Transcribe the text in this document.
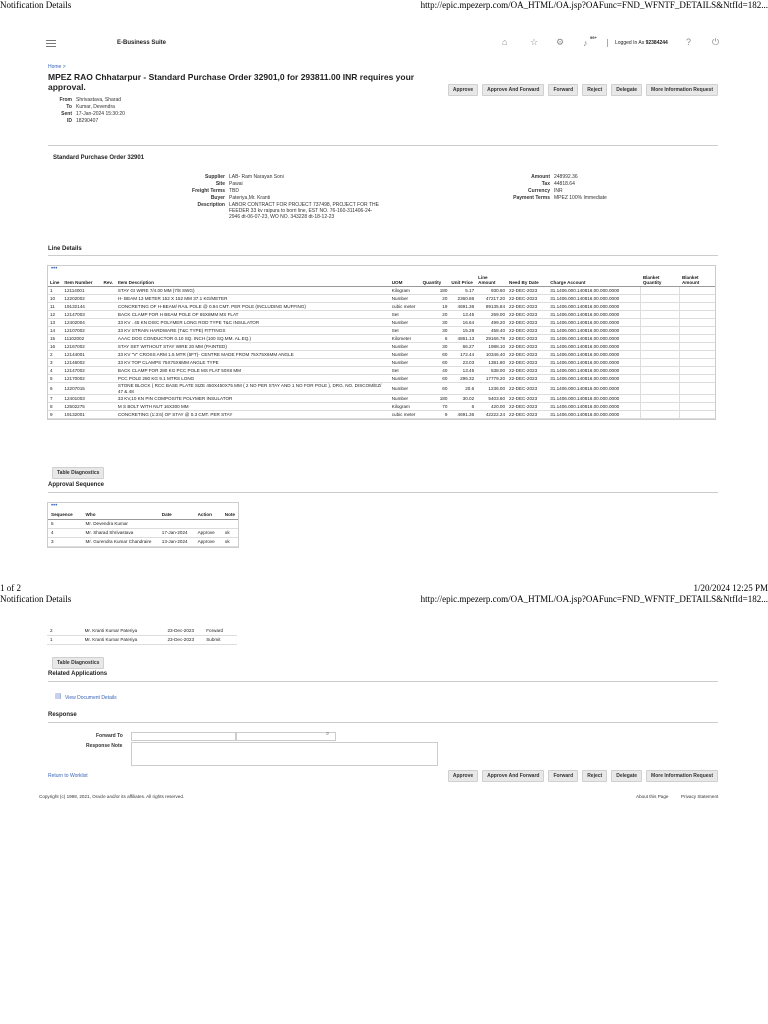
Notification Details	http://epic.mpezerp.com/OA_HTML/OA.jsp?OAFunc=FND_WFNTF_DETAILS&NtfId=182...
E-Business Suite	⌂	☆ ⚙ ♪
99+
Logged In As 92384244 ? ⏻
Home >
MPEZ RAO Chhatarpur - Standard Purchase Order 32901,0 for 293811.00 INR requires your approval.	Approve	Approve And Forward	Forward	Reject	Delegate	More Information Request
From Shrivastava, Sharad
To Kumar, Devendra
Sent 17-Jan-2024 15:30:20
ID 18290407
Standard Purchase Order 32901
Supplier LAB- Ram Narayan Soni
Site Pawai
Freight Terms TBD
Buyer Pateriya,Mr. Kranti
Description LABOR CONTRACT FOR PROJECT 737498, PROJECT FOR THE FEEDER 33 kv raipura to borri line, EST NO. 76-160-311406-24-2946 dt-06-07-23, WO NO. 343228 dt-18-12-23
Amount 248992.36
Tax 44818.64
Currency INR
Payment Terms MPEZ 100% Immediate
Line Details
•••
Line	Item Number	Rev.	Item Description	UOM	Quantity	Unit Price	Line Amount	Need By Date	Charge Account	Blanket Quantity	Blanket Amount
1	12114001		STAY GI WIRE 7/4.00 MM (7/8 SWG)	Kilogram	180	5.17	930.60	22-DEC-2023	31.1406.000.140816.00.000.0000		
10	12202002		H- BEAM 13 METER 152 X 152 MM 37.1 KG/METER	Number	20	2360.86	47217.20	22-DEC-2023	31.1406.000.140816.00.000.0000		
11	19132144		CONCRETING OF H-BEAM/ RAIL POLE @ 0.94 CMT. PER POLE (INCLUDING MUFFING)	cubic meter	19	4691.36	89135.84	22-DEC-2023	31.1406.000.140816.00.000.0000		
12	12147003		BACK CLAMP FOR H BEAM POLE OF 65X8MM MS FLAT	Set	20	13.45	269.00	22-DEC-2023	31.1406.000.140816.00.000.0000		
13	12402004		33 KV . 45 KN DISC POLYMER LONG ROD TYPE T&C INSULATOR	Number	30	16.64	499.20	22-DEC-2023	31.1406.000.140816.00.000.0000		
14	12107002		33 KV STRAIN HARDWARE (T&C TYPE) FITTINGS	Set	30	15.28	458.40	22-DEC-2023	31.1406.000.140816.00.000.0000		
15	11102002		AAAC DOG CONDUCTOR 0.10 SQ. INCH (100 SQ.MM. AL.EQ.)	Kilometer	6	4861.13	29166.78	22-DEC-2023	31.1406.000.140816.00.000.0000		
16	12167002		STAY SET WITHOUT STAY WIRE 20 MM (PAINTED)	Number	30	66.27	1988.10	22-DEC-2023	31.1406.000.140816.00.000.0000		
2	12144001		33 KV "V" CROSS ARM 1.5 MTR (5FT)- CENTRE MADE FROM 75X75X6MM ANGLE	Number	60	172.44	10346.40	22-DEC-2023	31.1406.000.140816.00.000.0000		
3	12146002		33 KV TOP CLAMPS 75X75X6MM ANGLE TYPE	Number	60	23.03	1381.80	22-DEC-2023	31.1406.000.140816.00.000.0000		
4	12147002		BACK CLAMP FOR 280 KG PCC POLE MS FLAT 50X8 MM	Set	40	13.45	538.00	22-DEC-2023	31.1406.000.140816.00.000.0000		
5	12170002		PCC POLE 280 KG 9.1 MTRS LONG	Number	60	296.32	17779.20	22-DEC-2023	31.1406.000.140816.00.000.0000		
6	12207015		STONE BLOCK ( RCC BASE PLATE SIZE 450X450X75 MM ( 2 NO PER STAY AND 1 NO FOR POLE ), DRG. NO. DISCOM/EZ/ 47 & 48	Number	60	20.6	1236.00	22-DEC-2023	31.1406.000.140816.00.000.0000		
7	12401003		33 KV,10 KN PIN COMPOSITE POLYMER INSULATOR	Number	180	30.02	5403.60	22-DEC-2023	31.1406.000.140816.00.000.0000		
8	12502275		M S BOLT WITH NUT 16X300 MM	Kilogram	70	6	420.00	22-DEC-2023	31.1406.000.140816.00.000.0000		
9	19132001		CONCRETING (1:3:6) OF STAY @ 0.3 CMT. PER STAY	cubic meter	9	4691.36	42222.24	22-DEC-2023	31.1406.000.140816.00.000.0000		
Table Diagnostics
Approval Sequence
•••
Sequence	Who	Date	Action	Note
5	Mr. Devendra Kumar			
4	Mr. Sharad Shrivastava	17-Jan-2024	Approve	ok
3	Mr. Gurendra Kumar Chandraire	13-Jan-2024	Approve	ok
1 of 2	1/20/2024 12:25 PM
Notification Details	http://epic.mpezerp.com/OA_HTML/OA.jsp?OAFunc=FND_WFNTF_DETAILS&NtfId=182...
2	Mr. Kranti Kumar Pateriya	23-Dec-2023	Forward	
1	Mr. Kranti Kumar Pateriya	23-Dec-2023	Submit	
Table Diagnostics
Related Applications
▤ View Document Details
Response
Forward To	⌕
Response Note
Return to Worklist	Approve	Approve And Forward	Forward	Reject	Delegate	More Information Request
Copyright (c) 1998, 2021, Oracle and/or its affiliates. All rights reserved.	About this Page	Privacy Statement
